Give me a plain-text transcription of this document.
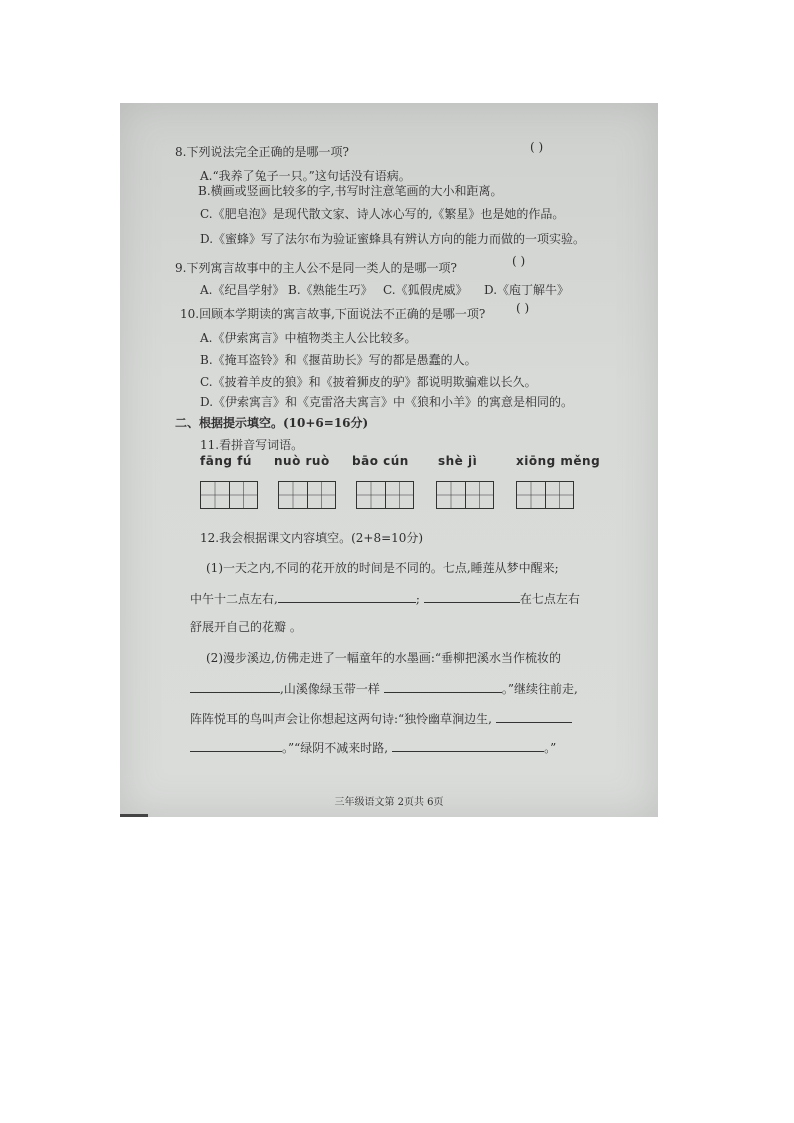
8.下列说法完全正确的是哪一项?	( )
A.“我养了兔子一只。”这句话没有语病。
B.横画或竖画比较多的字,书写时注意笔画的大小和距离。
C.《肥皂泡》是现代散文家、诗人冰心写的,《繁星》也是她的作品。
D.《蜜蜂》写了法尔布为验证蜜蜂具有辨认方向的能力而做的一项实验。
9.下列寓言故事中的主人公不是同一类人的是哪一项?	( )
A.《纪昌学射》 B.《熟能生巧》 C.《狐假虎威》 D.《庖丁解牛》
10.回顾本学期读的寓言故事,下面说法不正确的是哪一项?	( )
A.《伊索寓言》中植物类主人公比较多。
B.《掩耳盗铃》和《揠苗助长》写的都是愚蠢的人。
C.《披着羊皮的狼》和《披着狮皮的驴》都说明欺骗难以长久。
D.《伊索寓言》和《克雷洛夫寓言》中《狼和小羊》的寓意是相同的。
二、根据提示填空。(10+6=16分)
11.看拼音写词语。
fāng fú nuò ruò bāo cún shè jì	xiōng měng
12.我会根据课文内容填空。(2+8=10分)
(1)一天之内,不同的花开放的时间是不同的。七点,睡莲从梦中醒来;
中午十二点左右,	;	在七点左右
舒展开自己的花瓣 。
(2)漫步溪边,仿佛走进了一幅童年的水墨画:“垂柳把溪水当作梳妆的
,山溪像绿玉带一样	。”继续往前走,
阵阵悦耳的鸟叫声会让你想起这两句诗:“独怜幽草涧边生,
。”“绿阴不减来时路,	。”
三年级语文第 2页共 6页
